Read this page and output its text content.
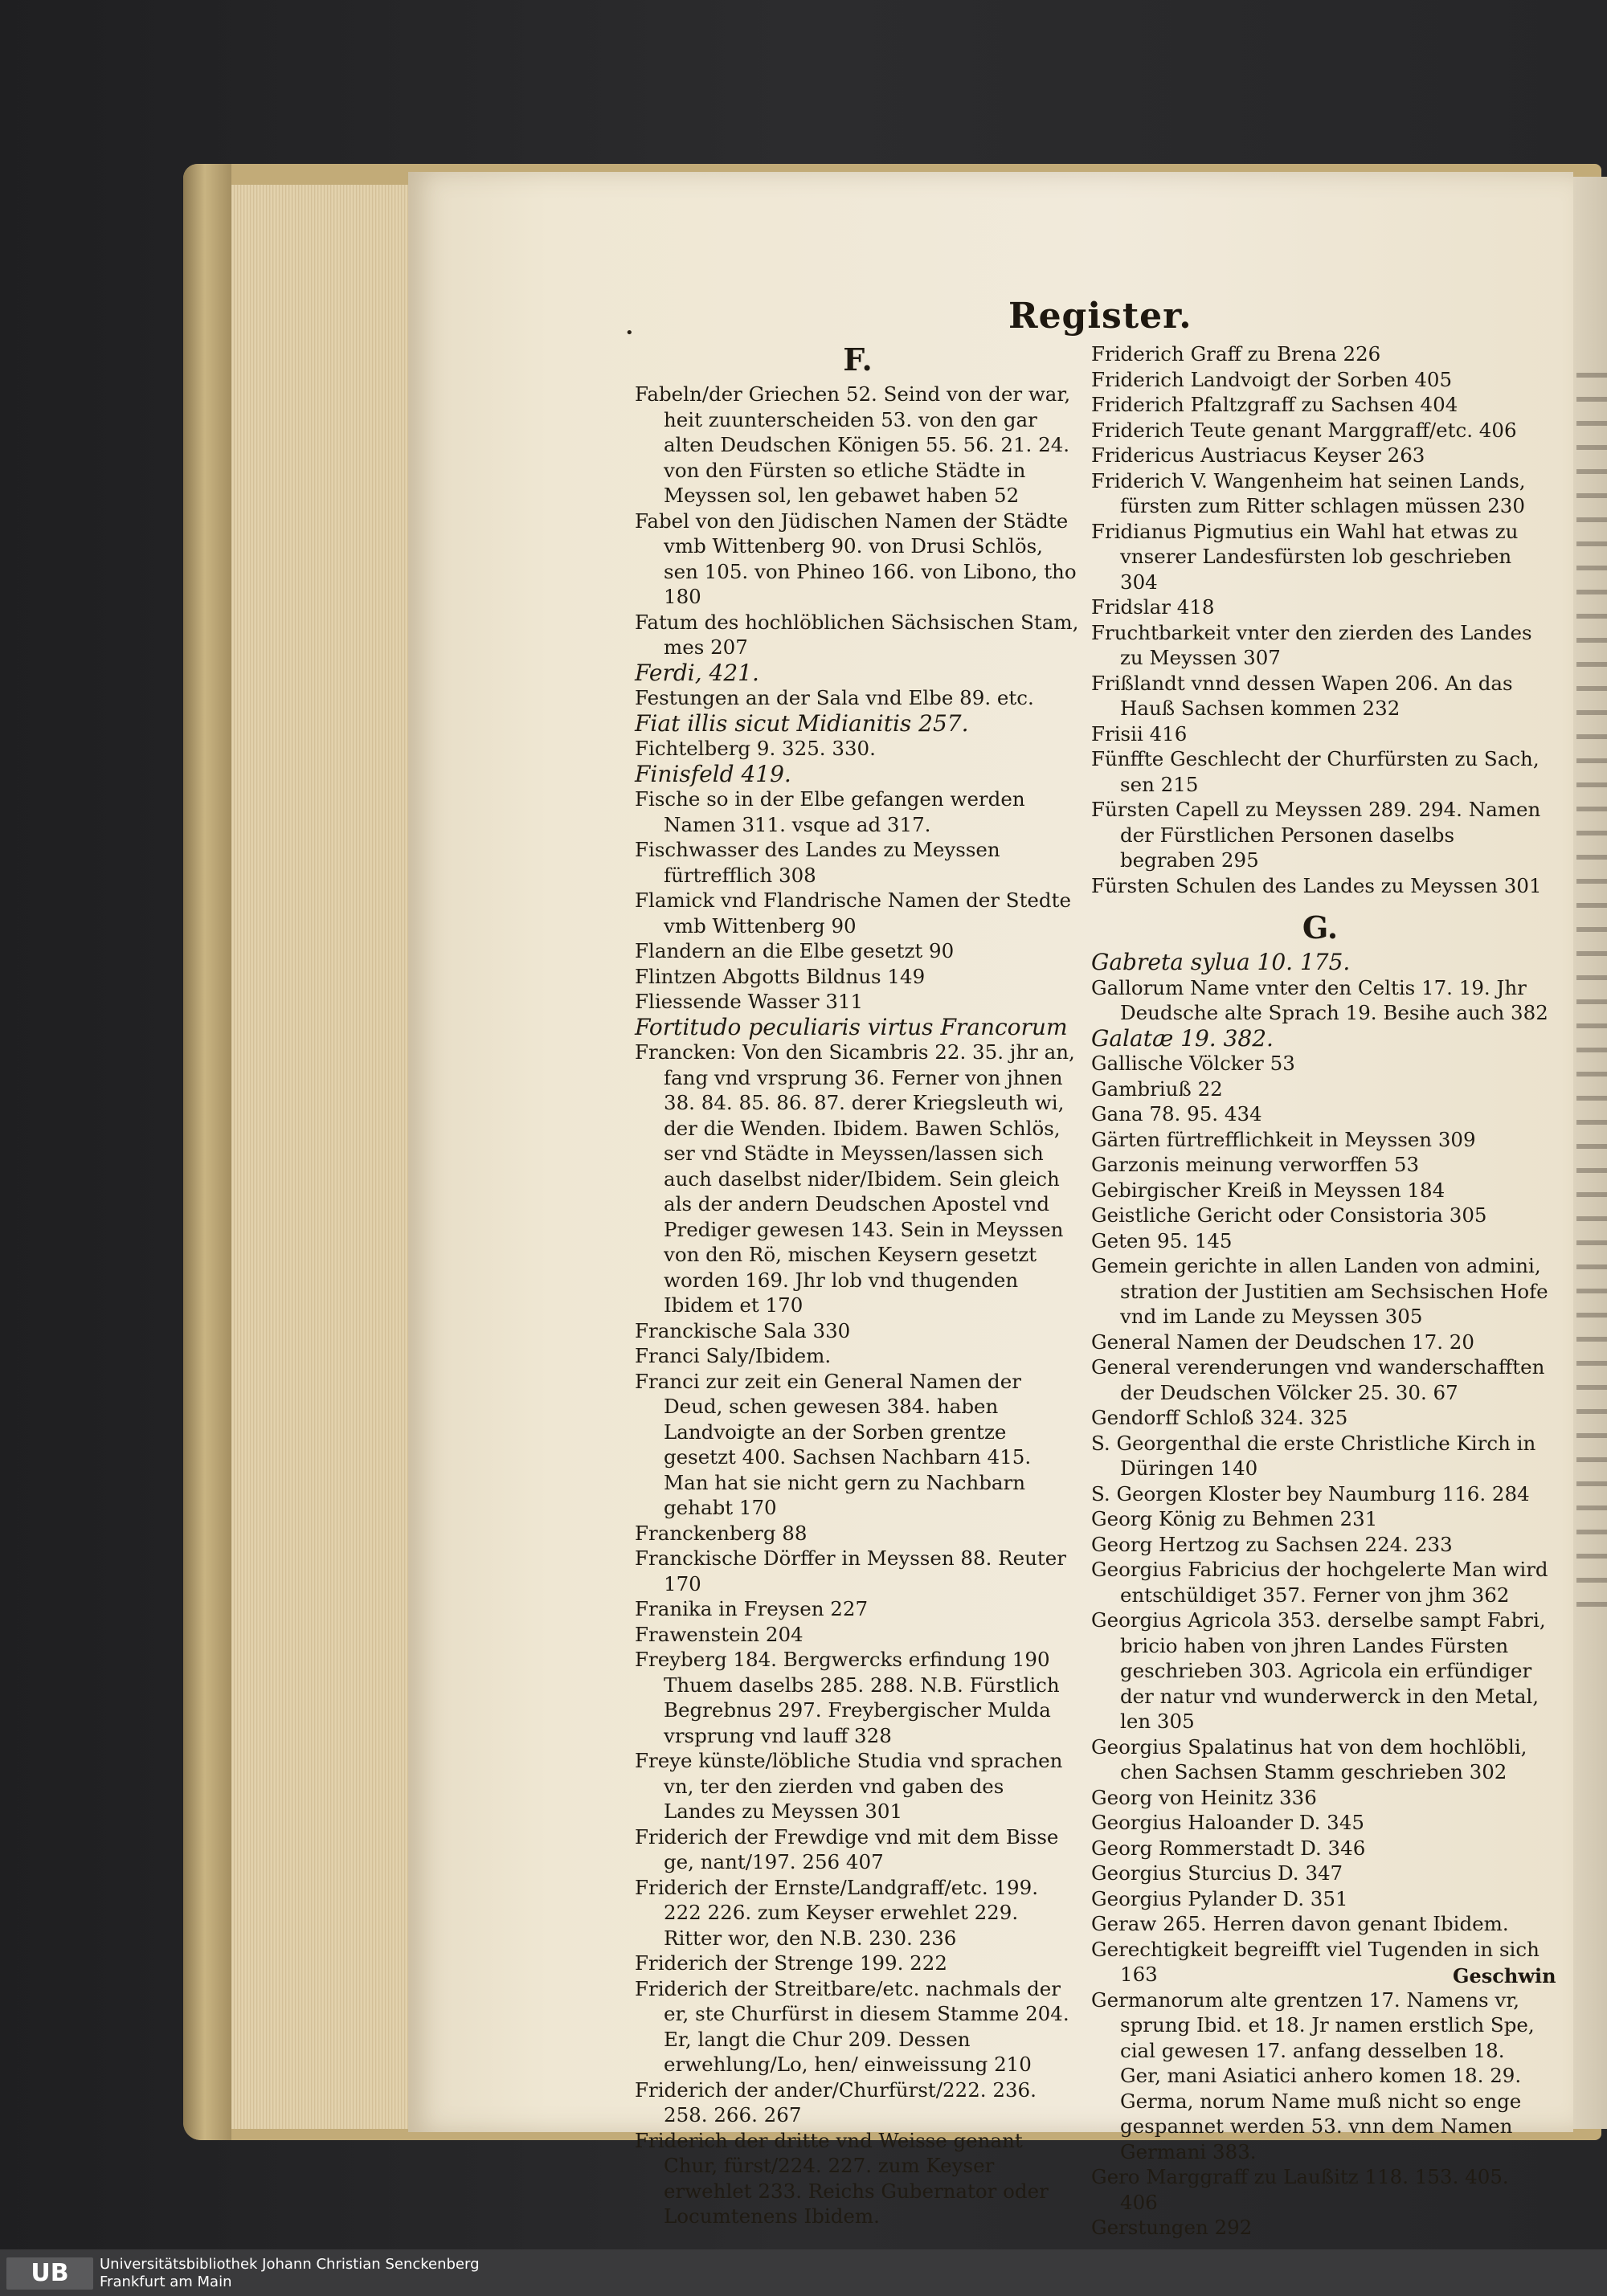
•	Register.

F.

Fabeln/der Griechen 52. Seind von der war, heit zuunterscheiden 53. von den gar alten Deudschen Königen 55. 56. 21. 24. von den Fürsten so etliche Städte in Meyssen sol, len gebawet haben 52

Fabel von den Jüdischen Namen der Städte vmb Wittenberg 90. von Drusi Schlös, sen 105. von Phineo 166. von Libono, tho 180

Fatum des hochlöblichen Sächsischen Stam, mes 207

Ferdi, 421.

Festungen an der Sala vnd Elbe 89. etc.

Fiat illis sicut Midianitis 257.

Fichtelberg 9. 325. 330.

Finisfeld 419.

Fische so in der Elbe gefangen werden Namen 311. vsque ad 317.

Fischwasser des Landes zu Meyssen fürtrefflich 308

Flamick vnd Flandrische Namen der Stedte vmb Wittenberg 90

Flandern an die Elbe gesetzt 90

Flintzen Abgotts Bildnus 149

Fliessende Wasser 311

Fortitudo peculiaris virtus Francorum

Francken: Von den Sicambris 22. 35. jhr an, fang vnd vrsprung 36. Ferner von jhnen 38. 84. 85. 86. 87. derer Kriegsleuth wi, der die Wenden. Ibidem. Bawen Schlös, ser vnd Städte in Meyssen/lassen sich auch daselbst nider/Ibidem. Sein gleich als der andern Deudschen Apostel vnd Prediger gewesen 143. Sein in Meyssen von den Rö, mischen Keysern gesetzt worden 169. Jhr lob vnd thugenden Ibidem et 170

Franckische Sala 330

Franci Saly/Ibidem.

Franci zur zeit ein General Namen der Deud, schen gewesen 384. haben Landvoigte an der Sorben grentze gesetzt 400. Sachsen Nachbarn 415. Man hat sie nicht gern zu Nachbarn gehabt 170

Franckenberg 88

Franckische Dörffer in Meyssen 88. Reuter 170

Franika in Freysen 227

Frawenstein 204

Freyberg 184. Bergwercks erfindung 190 Thuem daselbs 285. 288. N.B. Fürstlich Begrebnus 297. Freybergischer Mulda vrsprung vnd lauff 328

Freye künste/löbliche Studia vnd sprachen vn, ter den zierden vnd gaben des Landes zu Meyssen 301

Friderich der Frewdige vnd mit dem Bisse ge, nant/197. 256 407

Friderich der Ernste/Landgraff/etc. 199. 222 226. zum Keyser erwehlet 229. Ritter wor, den N.B. 230. 236

Friderich der Strenge 199. 222

Friderich der Streitbare/etc. nachmals der er, ste Churfürst in diesem Stamme 204. Er, langt die Chur 209. Dessen erwehlung/Lo, hen/ einweissung 210

Friderich der ander/Churfürst/222. 236. 258. 266. 267

Friderich der dritte vnd Weisse genant Chur, fürst/224. 227. zum Keyser erwehlet 233. Reichs Gubernator oder Locumtenens Ibidem.

Friderich Graff zu Brena 226

Friderich Landvoigt der Sorben 405

Friderich Pfaltzgraff zu Sachsen 404

Friderich Teute genant Marggraff/etc. 406

Fridericus Austriacus Keyser 263

Friderich V. Wangenheim hat seinen Lands, fürsten zum Ritter schlagen müssen 230

Fridianus Pigmutius ein Wahl hat etwas zu vnserer Landesfürsten lob geschrieben 304

Fridslar 418

Fruchtbarkeit vnter den zierden des Landes zu Meyssen 307

Frißlandt vnnd dessen Wapen 206. An das Hauß Sachsen kommen 232

Frisii 416

Fünffte Geschlecht der Churfürsten zu Sach, sen 215

Fürsten Capell zu Meyssen 289. 294. Namen der Fürstlichen Personen daselbs begraben 295

Fürsten Schulen des Landes zu Meyssen 301

G.

Gabreta sylua 10. 175.

Gallorum Name vnter den Celtis 17. 19. Jhr Deudsche alte Sprach 19. Besihe auch 382

Galatæ 19. 382.

Gallische Völcker 53

Gambriuß 22

Gana 78. 95. 434

Gärten fürtrefflichkeit in Meyssen 309

Garzonis meinung verworffen 53

Gebirgischer Kreiß in Meyssen 184

Geistliche Gericht oder Consistoria 305

Geten 95. 145

Gemein gerichte in allen Landen von admini, stration der Justitien am Sechsischen Hofe vnd im Lande zu Meyssen 305

General Namen der Deudschen 17. 20

General verenderungen vnd wanderschafften der Deudschen Völcker 25. 30. 67

Gendorff Schloß 324. 325

S. Georgenthal die erste Christliche Kirch in Düringen 140

S. Georgen Kloster bey Naumburg 116. 284

Georg König zu Behmen 231

Georg Hertzog zu Sachsen 224. 233

Georgius Fabricius der hochgelerte Man wird entschüldiget 357. Ferner von jhm 362

Georgius Agricola 353. derselbe sampt Fabri, bricio haben von jhren Landes Fürsten geschrieben 303. Agricola ein erfündiger der natur vnd wunderwerck in den Metal, len 305

Georgius Spalatinus hat von dem hochlöbli, chen Sachsen Stamm geschrieben 302

Georg von Heinitz 336

Georgius Haloander D. 345

Georg Rommerstadt D. 346

Georgius Sturcius D. 347

Georgius Pylander D. 351

Geraw 265. Herren davon genant Ibidem.

Gerechtigkeit begreifft viel Tugenden in sich 163

Germanorum alte grentzen 17. Namens vr, sprung Ibid. et 18. Jr namen erstlich Spe, cial gewesen 17. anfang desselben 18. Ger, mani Asiatici anhero komen 18. 29. Germa, norum Name muß nicht so enge gespannet werden 53. vnn dem Namen Germani 383.

Gero Marggraff zu Laußitz 118. 153. 405. 406

Gerstungen 292

Geschwin
UB	Universitätsbibliothek Johann Christian Senckenberg
Frankfurt am Main
